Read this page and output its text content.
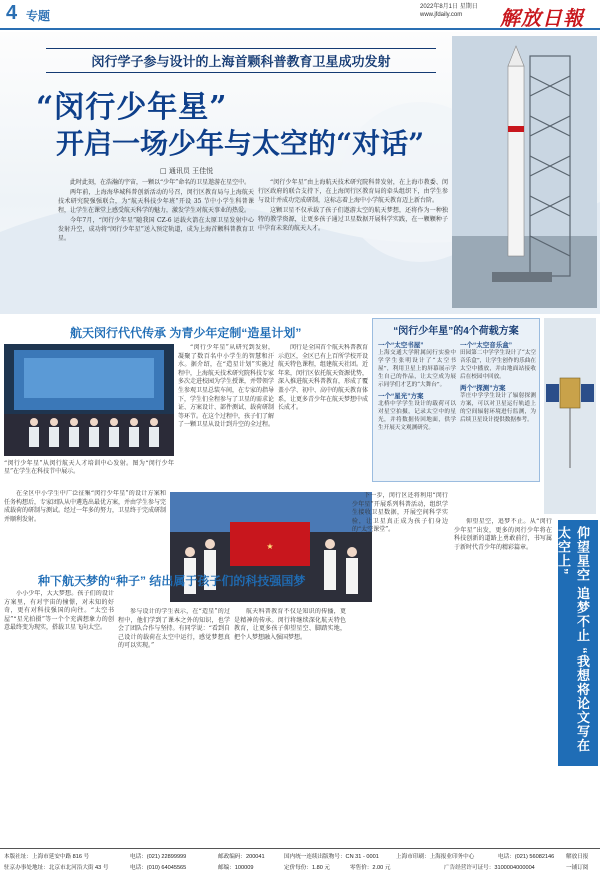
4 专题
2022年8月1日 星期日
www.jfdaily.com	解放日報
闵行学子参与设计的上海首颗科普教育卫星成功发射
“闵行少年星”
开启一场少年与太空的“对话”
□ 通讯员 王佳悦

此时此刻，在浩瀚的宇宙，一颗以“少年”命名的卫星遨游在星空中。

两年前，上海海华城科普创新活动的号召，闵行区教育局与上海航天技术研究院强强联合，为“航天科技少年班”开设 35 节中小学生科普课程，让学生在课堂上感受航天科学的魅力，激发学生对航天事业的热爱。

今年7月，“闵行少年星”随我国 CZ-6 运载火箭在太原卫星发射中心发射升空，成功将“闵行少年星”送入预定轨道，成为上海首颗科普教育卫星。

“闵行少年星”由上海航天技术研究院科普发射，在上海市教委、闵行区政府的联合支持下，在上海闵行区教育局的牵头组织下，由学生参与设计并成功完成研制，这标志着上海中小学航天教育迈上新台阶。

这颗卫星不仅承载了孩子们遨游太空的航天梦想，还将作为一种独特的教学资源，让更多孩子通过卫星数据开展科学实践，在一颗颗种子中孕育未来的航天人才。

航天闵行代代传承 为青少年定制“造星计划”
“闵行少年星”从闵行航天人才培训中心发射。图为“闵行少年星”在学生在科技节中展示。

“闵行少年星”从研究到发射，凝聚了数百名中小学生的智慧和汗水。据介绍，在“造星计划”实施过程中，上海航天技术研究院科技专家多次走进校园为学生授课，并带领学生参观卫星总装车间，在专家的指导下，学生们全程参与了卫星的需求论证、方案设计、部件测试、载荷研制等环节。在这个过程中，孩子们了解了一颗卫星从设计到升空的全过程。

闵行是全国首个航天科普教育示范区，全区已有上百所学校开设航天特色课程，组建航天社团。近年来，闵行区依托航天资源优势，深入推进航天科普教育，形成了覆盖小学、初中、高中的航天教育体系，让更多青少年在航天梦想中成长成才。

在全区中小学生中广泛征集“闵行少年星”的设计方案和任务构想后，专家团队从中遴选出最优方案，并由学生参与完成载荷的研制与测试。经过一年多的努力，卫星终于完成研制并顺利发射。

“闵行少年星”的4个荷载方案
一个“太空书屋”
上海交通大学附属闵行实验中学学生张明设计了“太空书屋”，利用卫星上的屏幕展示学生自己的作品，让太空成为展示同学们才艺的“大舞台”。
一个“星光”方案
北桥中学学生设计的载荷可以对星空拍摄，记录太空中的星光，并将数据传回地面，供学生开展天文观测研究。
一个“太空音乐盒”
田园第二中学学生设计了“太空音乐盒”，让学生创作的乐曲在太空中播放，并由地面站接收后在校园中回放。
两个“探测”方案
莘庄中学学生设计了辐射探测方案，可以对卫星运行轨道上的空间辐射环境进行监测，为后续卫星设计提供数据参考。
★
种下航天梦的“种子” 结出属于孩子们的科技强国梦

小小少年，大大梦想。孩子们的设计方案里，有对宇宙的憧憬，对未知的好奇，更有对科技强国的向往。“太空书屋”“星光拍摄”等一个个充满想象力的创意最终变为现实，搭载卫星飞向太空。

参与设计的学生表示，在“造星”的过程中，他们学到了课本之外的知识，也学会了团队合作与坚持。有同学说：“看到自己设计的载荷在太空中运行，感觉梦想真的可以实现。”

航天科普教育不仅是知识的传播，更是精神的传承。闵行将继续深化航天特色教育，让更多孩子仰望星空、脚踏实地，把个人梦想融入强国梦想。

下一步，闵行区还将利用“闵行少年星”开展系列科普活动，组织学生接收卫星数据，开展空间科学实验，让卫星真正成为孩子们身边的“太空课堂”。

仰望星空，追梦不止。从“闵行少年星”出发，更多的闵行少年将在科技创新的道路上勇敢前行，书写属于新时代青少年的精彩篇章。	仰望星空 追梦不止 “我想将论文写在太空上”
本版社址：上海市延安中路 816 号	电话：(021) 22899999	邮政编码：200041	国内统一连续出版物号：CN 31 - 0001	上海市印刷：上海报业印务中心	电话：(021) 56082146 解放日报
驻京办事处地址：北京市北河沿大街 43 号	电话：(010) 64045565	邮编：100009	定价每份：1.80 元	零售价：2.00 元	广告经营许可证号：3100004000004	一铺订阅
